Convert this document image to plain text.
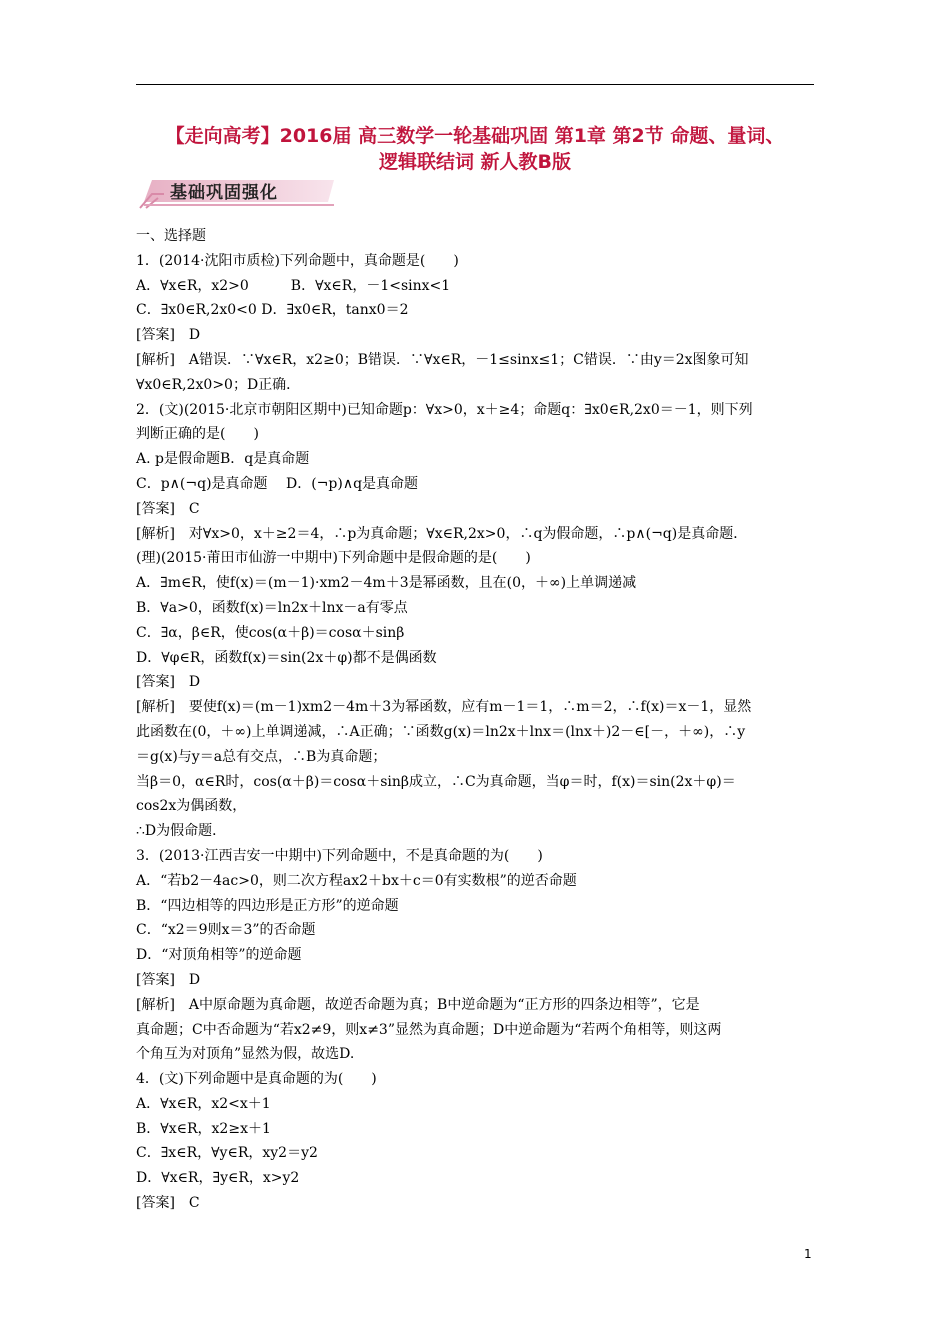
【走向高考】2016届 高三数学一轮基础巩固 第1章 第2节 命题、量词、
逻辑联结词 新人教B版
基础巩固强化
一、选择题
1．(2014·沈阳市质检)下列命题中，真命题是(　　)
A．∀x∈R，x2>0　　　B．∀x∈R，－1<sinx<1
C．∃x0∈R,2x0<0 D．∃x0∈R，tanx0＝2
[答案]　D
[解析]　A错误．∵∀x∈R，x2≥0；B错误．∵∀x∈R，－1≤sinx≤1；C错误．∵由y＝2x图象可知
∀x0∈R,2x0>0；D正确．
2．(文)(2015·北京市朝阳区期中)已知命题p：∀x>0，x＋≥4；命题q：∃x0∈R,2x0＝－1，则下列
判断正确的是(　　)
A. p是假命题B．q是真命题
C．p∧(¬q)是真命题　 D．(¬p)∧q是真命题
[答案]　C
[解析]　对∀x>0，x＋≥2＝4，∴p为真命题；∀x∈R,2x>0，∴q为假命题，∴p∧(¬q)是真命题．
(理)(2015·莆田市仙游一中期中)下列命题中是假命题的是(　　)
A．∃m∈R，使f(x)＝(m－1)·xm2－4m＋3是幂函数，且在(0，＋∞)上单调递减
B．∀a>0，函数f(x)＝ln2x＋lnx－a有零点
C．∃α，β∈R，使cos(α＋β)＝cosα＋sinβ
D．∀φ∈R，函数f(x)＝sin(2x＋φ)都不是偶函数
[答案]　D
[解析]　要使f(x)＝(m－1)xm2－4m＋3为幂函数，应有m－1＝1，∴m＝2，∴f(x)＝x－1，显然
此函数在(0，＋∞)上单调递减，∴A正确；∵函数g(x)＝ln2x＋lnx＝(lnx＋)2－∈[－，＋∞)，∴y
＝g(x)与y＝a总有交点，∴B为真命题；
当β＝0，α∈R时，cos(α＋β)＝cosα＋sinβ成立，∴C为真命题，当φ＝时，f(x)＝sin(2x＋φ)＝
cos2x为偶函数，
∴D为假命题．
3．(2013·江西吉安一中期中)下列命题中，不是真命题的为(　　)
A．“若b2－4ac>0，则二次方程ax2＋bx＋c＝0有实数根”的逆否命题
B．“四边相等的四边形是正方形”的逆命题
C．“x2＝9则x＝3”的否命题
D．“对顶角相等”的逆命题
[答案]　D
[解析]　A中原命题为真命题，故逆否命题为真；B中逆命题为“正方形的四条边相等”，它是
真命题；C中否命题为“若x2≠9，则x≠3”显然为真命题；D中逆命题为“若两个角相等，则这两
个角互为对顶角”显然为假，故选D.
4．(文)下列命题中是真命题的为(　　)
A．∀x∈R，x2<x＋1
B．∀x∈R，x2≥x＋1
C．∃x∈R，∀y∈R，xy2＝y2
D．∀x∈R，∃y∈R，x>y2
[答案]　C
1
